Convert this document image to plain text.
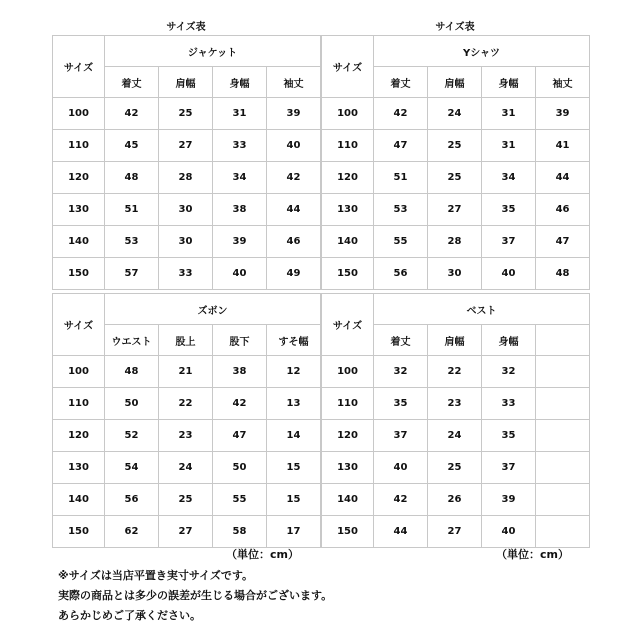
サイズ表	サイズ表
サイズ	ジャケット			
	着丈	肩幅	身幅	袖丈
100	42	25	31	39
110	45	27	33	40
120	48	28	34	42
130	51	30	38	44
140	53	30	39	46
150	57	33	40	49
サイズ	Yシャツ			
	着丈	肩幅	身幅	袖丈
100	42	24	31	39
110	47	25	31	41
120	51	25	34	44
130	53	27	35	46
140	55	28	37	47
150	56	30	40	48
サイズ	ズボン			
	ウエスト	股上	股下	すそ幅
100	48	21	38	12
110	50	22	42	13
120	52	23	47	14
130	54	24	50	15
140	56	25	55	15
150	62	27	58	17
サイズ	ベスト			
	着丈	肩幅	身幅	
100	32	22	32	
110	35	23	33	
120	37	24	35	
130	40	25	37	
140	42	26	39	
150	44	27	40	
（単位：cm）	（単位：cm）
※サイズは当店平置き実寸サイズです。
実際の商品とは多少の誤差が生じる場合がございます。
あらかじめご了承ください。
